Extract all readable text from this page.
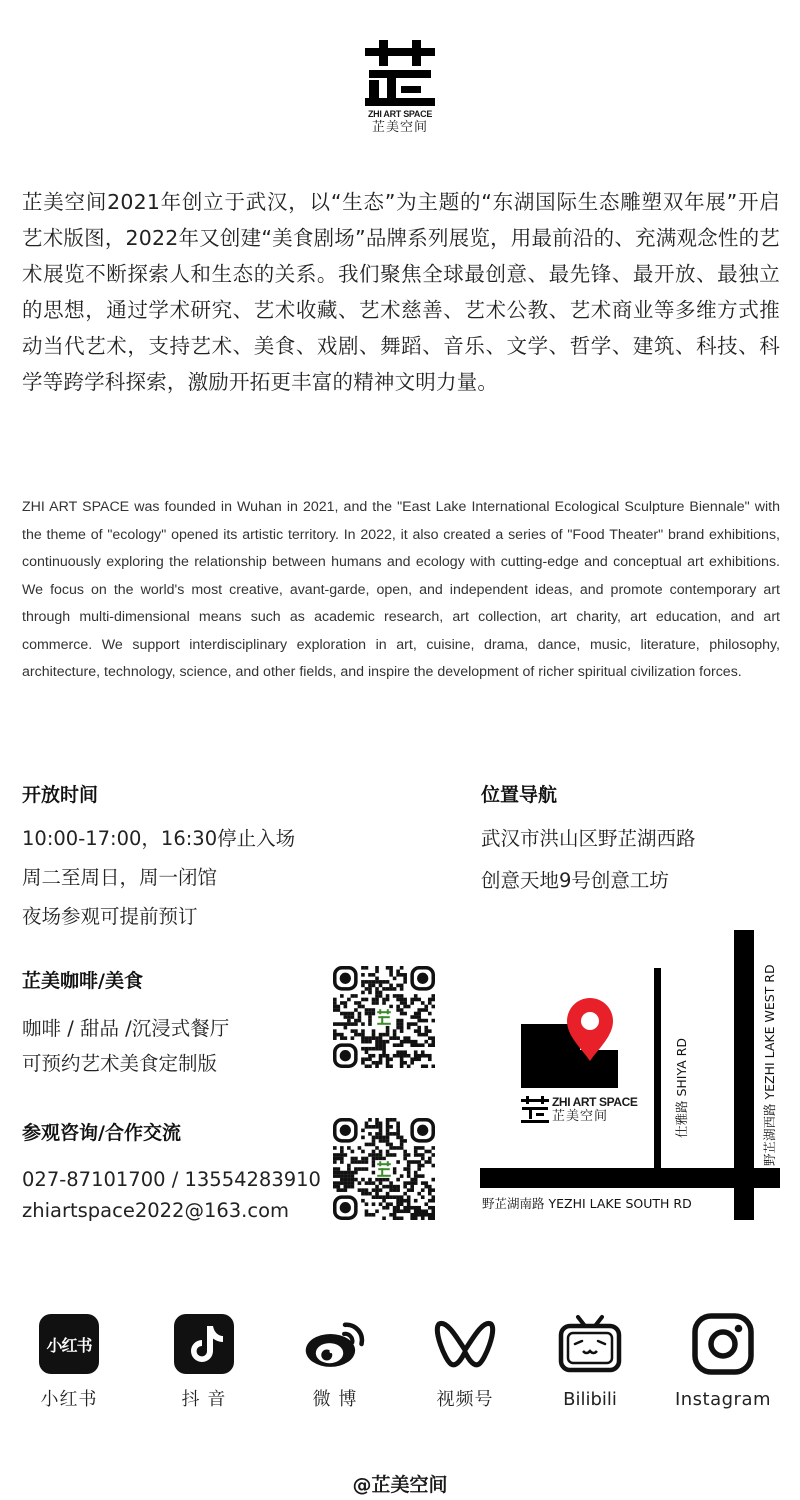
ZHI ART SPACE
芷美空间

芷美空间2021年创立于武汉，以“生态”为主题的“东湖国际生态雕塑双年展”开启艺术版图，2022年又创建“美食剧场”品牌系列展览，用最前沿的、充满观念性的艺术展览不断探索人和生态的关系。我们聚焦全球最创意、最先锋、最开放、最独立的思想，通过学术研究、艺术收藏、艺术慈善、艺术公教、艺术商业等多维方式推动当代艺术，支持艺术、美食、戏剧、舞蹈、音乐、文学、哲学、建筑、科技、科学等跨学科探索，激励开拓更丰富的精神文明力量。

ZHI ART SPACE was founded in Wuhan in 2021, and the "East Lake International Ecological Sculpture Biennale" with the theme of "ecology" opened its artistic territory. In 2022, it also created a series of "Food Theater" brand exhibitions, continuously exploring the relationship between humans and ecology with cutting-edge and conceptual art exhibitions. We focus on the world's most creative, avant-garde, open, and independent ideas, and promote contemporary art through multi-dimensional means such as academic research, art collection, art charity, art education, and art commerce. We support interdisciplinary exploration in art, cuisine, drama, dance, music, literature, philosophy, architecture, technology, science, and other fields, and inspire the development of richer spiritual civilization forces.

开放时间
10:00-17:00，16:30停止入场
周二至周日，周一闭馆
夜场参观可提前预订
芷美咖啡/美食
咖啡 / 甜品 /沉浸式餐厅
可预约艺术美食定制版
参观咨询/合作交流
027-87101700 / 13554283910
zhiartspace2022@163.com
位置导航
武汉市洪山区野芷湖西路
创意天地9号创意工坊
ZHI ART SPACE
芷美空间	仕雅路 SHIYA RD	野芷湖西路 YEZHI LAKE WEST RD
野芷湖南路 YEZHI LAKE SOUTH RD
小红书
小红书	抖 音	微 博	视频号	Bilibili	Instagram
@芷美空间
